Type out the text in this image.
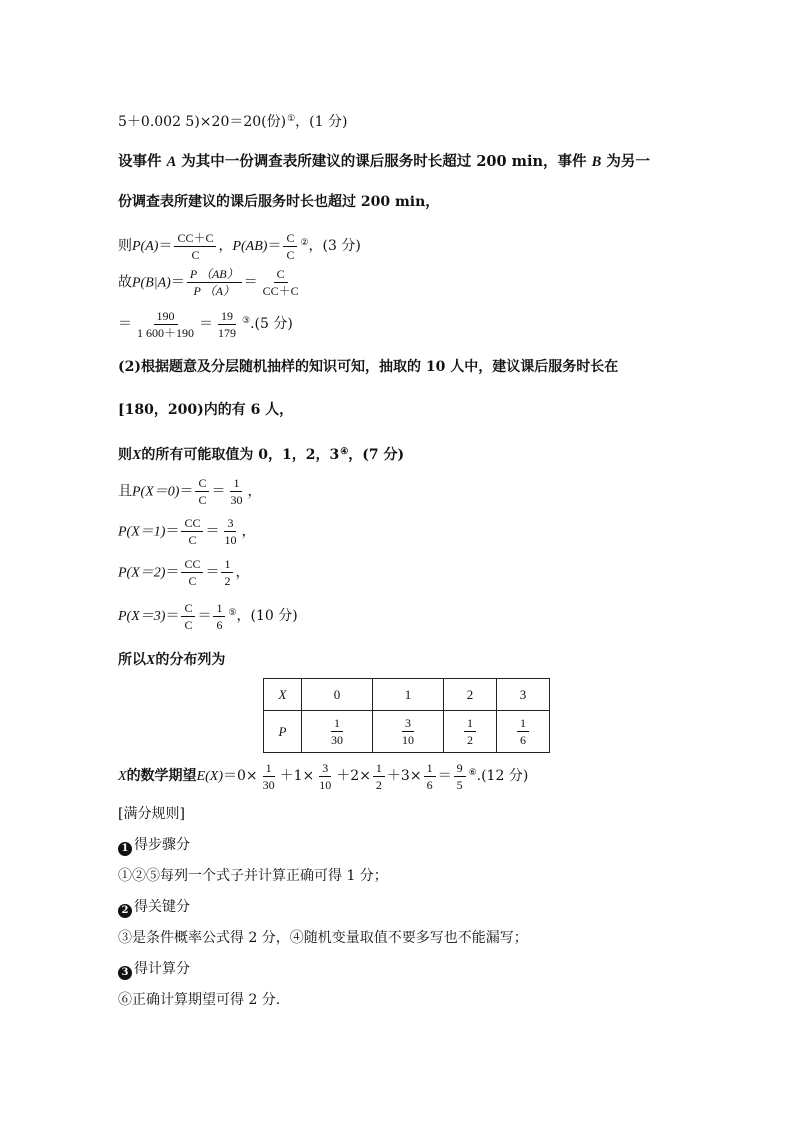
5＋0.002 5)×20＝20(份)①，(1 分)
设事件 A 为其中一份调查表所建议的课后服务时长超过 200 min，事件 B 为另一
份调查表所建议的课后服务时长也超过 200 min，
则$P(A)= \frac{CC+C}{C}$ ，$P(AB)= \frac{C}{C} ^②$，(3 分)
故$P(B|A)= \frac{P (AB)}{P (A)} = \frac{C}{CC+C}$
＝ $\frac{190}{1 600+190} = \frac{19}{179} ^③.(5$ 分)
(2)根据题意及分层随机抽样的知识可知，抽取的 10 人中，建议课后服务时长在
[180，200)内的有 6 人，
则X的所有可能取值为 0，1，2，3④，(7 分)
且$P(X=0)= \frac{C}{C} = \frac{1}{30}$ ，
$P(X=1)= \frac{CC}{C} = \frac{3}{10}$ ，
$P(X=2)= \frac{CC}{C} = \frac{1}{2}$ ，
$P(X=3)= \frac{C}{C} = \frac{1}{6} ^⑤$，(10 分)
所以X的分布列为
X	0	1	2	3
P	$\frac{1}{30}$	$\frac{3}{10}$	$\frac{1}{2}$	$\frac{1}{6}$
X的数学期望$E(X)=0\times \frac{1}{30} +1\times \frac{3}{10} +2\times \frac{1}{2} +3\times \frac{1}{6} = \frac{9}{5} ^⑥.(12$ 分)
[满分规则]
1 得步骤分
①②⑤每列一个式子并计算正确可得 1 分；
2 得关键分
③是条件概率公式得 2 分，④随机变量取值不要多写也不能漏写；
3 得计算分
⑥正确计算期望可得 2 分.
